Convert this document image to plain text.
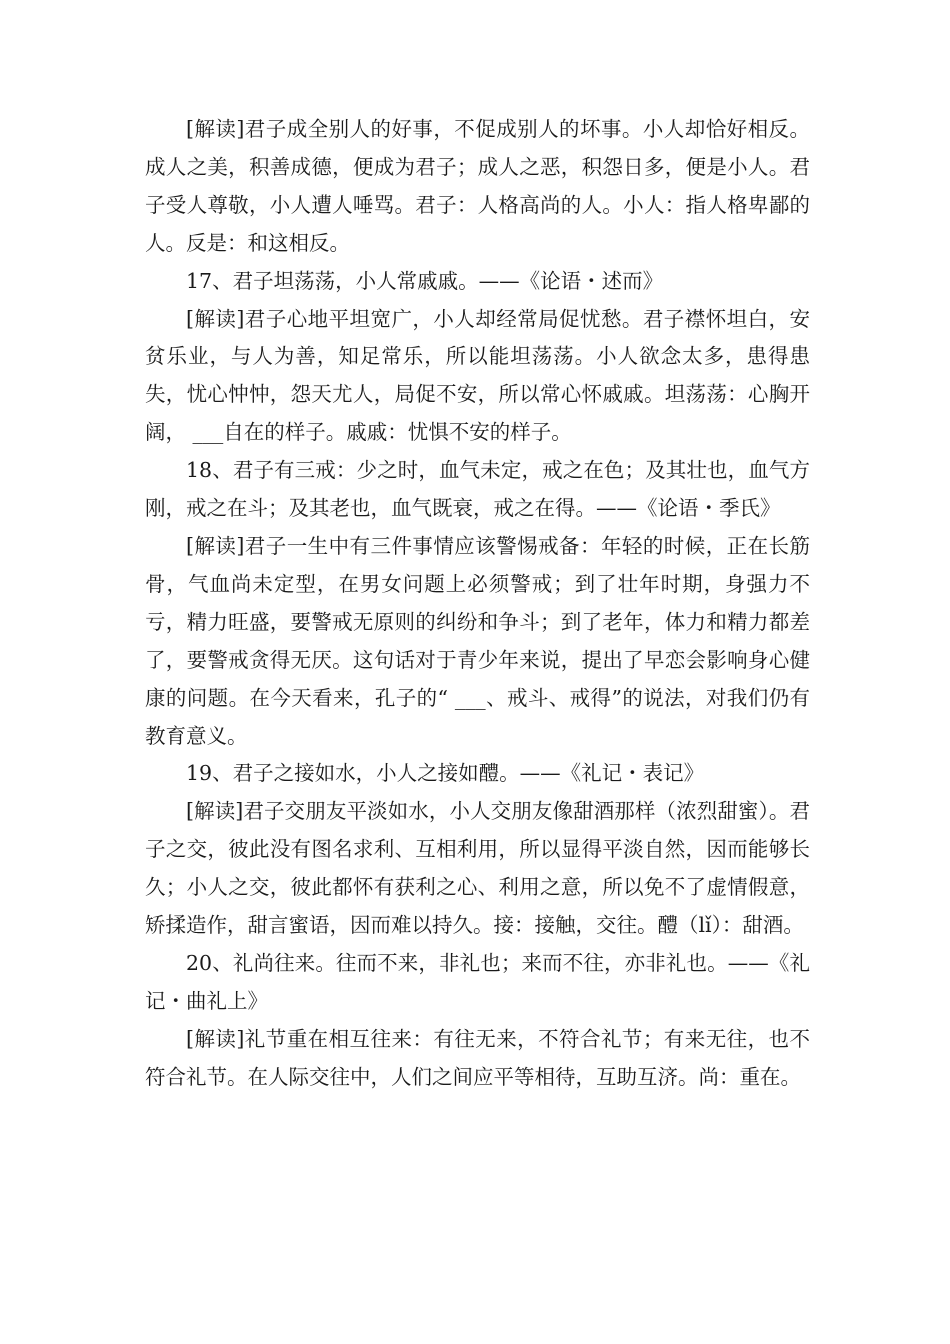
[解读]君子成全别人的好事，不促成别人的坏事。小人却恰好相反。成人之美，积善成德，便成为君子；成人之恶，积怨日多，便是小人。君子受人尊敬，小人遭人唾骂。君子：人格高尚的人。小人：指人格卑鄙的人。反是：和这相反。

17、君子坦荡荡，小人常戚戚。——《论语・述而》

[解读]君子心地平坦宽广，小人却经常局促忧愁。君子襟怀坦白，安贫乐业，与人为善，知足常乐，所以能坦荡荡。小人欲念太多，患得患失，忧心忡忡，怨天尤人，局促不安，所以常心怀戚戚。坦荡荡：心胸开阔， ___自在的样子。戚戚：忧惧不安的样子。

18、君子有三戒：少之时，血气未定，戒之在色；及其壮也，血气方刚，戒之在斗；及其老也，血气既衰，戒之在得。——《论语・季氏》

[解读]君子一生中有三件事情应该警惕戒备：年轻的时候，正在长筋骨，气血尚未定型，在男女问题上必须警戒；到了壮年时期，身强力不亏，精力旺盛，要警戒无原则的纠纷和争斗；到了老年，体力和精力都差了，要警戒贪得无厌。这句话对于青少年来说，提出了早恋会影响身心健康的问题。在今天看来，孔子的“ ___、戒斗、戒得”的说法，对我们仍有教育意义。

19、君子之接如水，小人之接如醴。——《礼记・表记》

[解读]君子交朋友平淡如水，小人交朋友像甜酒那样（浓烈甜蜜）。君子之交，彼此没有图名求利、互相利用，所以显得平淡自然，因而能够长久；小人之交，彼此都怀有获利之心、利用之意，所以免不了虚情假意，矫揉造作，甜言蜜语，因而难以持久。接：接触，交往。醴（lǐ）：甜酒。

20、礼尚往来。往而不来，非礼也；来而不往，亦非礼也。——《礼记・曲礼上》

[解读]礼节重在相互往来：有往无来，不符合礼节；有来无往，也不符合礼节。在人际交往中，人们之间应平等相待，互助互济。尚：重在。
